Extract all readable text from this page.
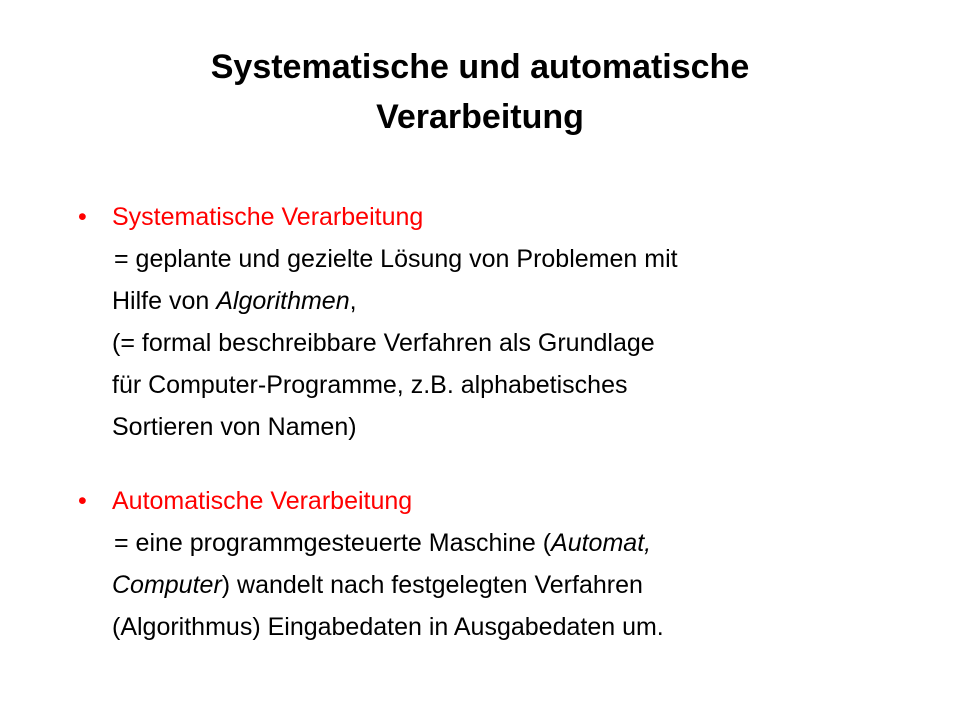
Systematische und automatische
Verarbeitung
• Systematische Verarbeitung
= geplante und gezielte Lösung von Problemen mit
Hilfe von Algorithmen,
(= formal beschreibbare Verfahren als Grundlage
für Computer-Programme, z.B. alphabetisches
Sortieren von Namen)
• Automatische Verarbeitung
= eine programmgesteuerte Maschine (Automat,
Computer) wandelt nach festgelegten Verfahren
(Algorithmus) Eingabedaten in Ausgabedaten um.
